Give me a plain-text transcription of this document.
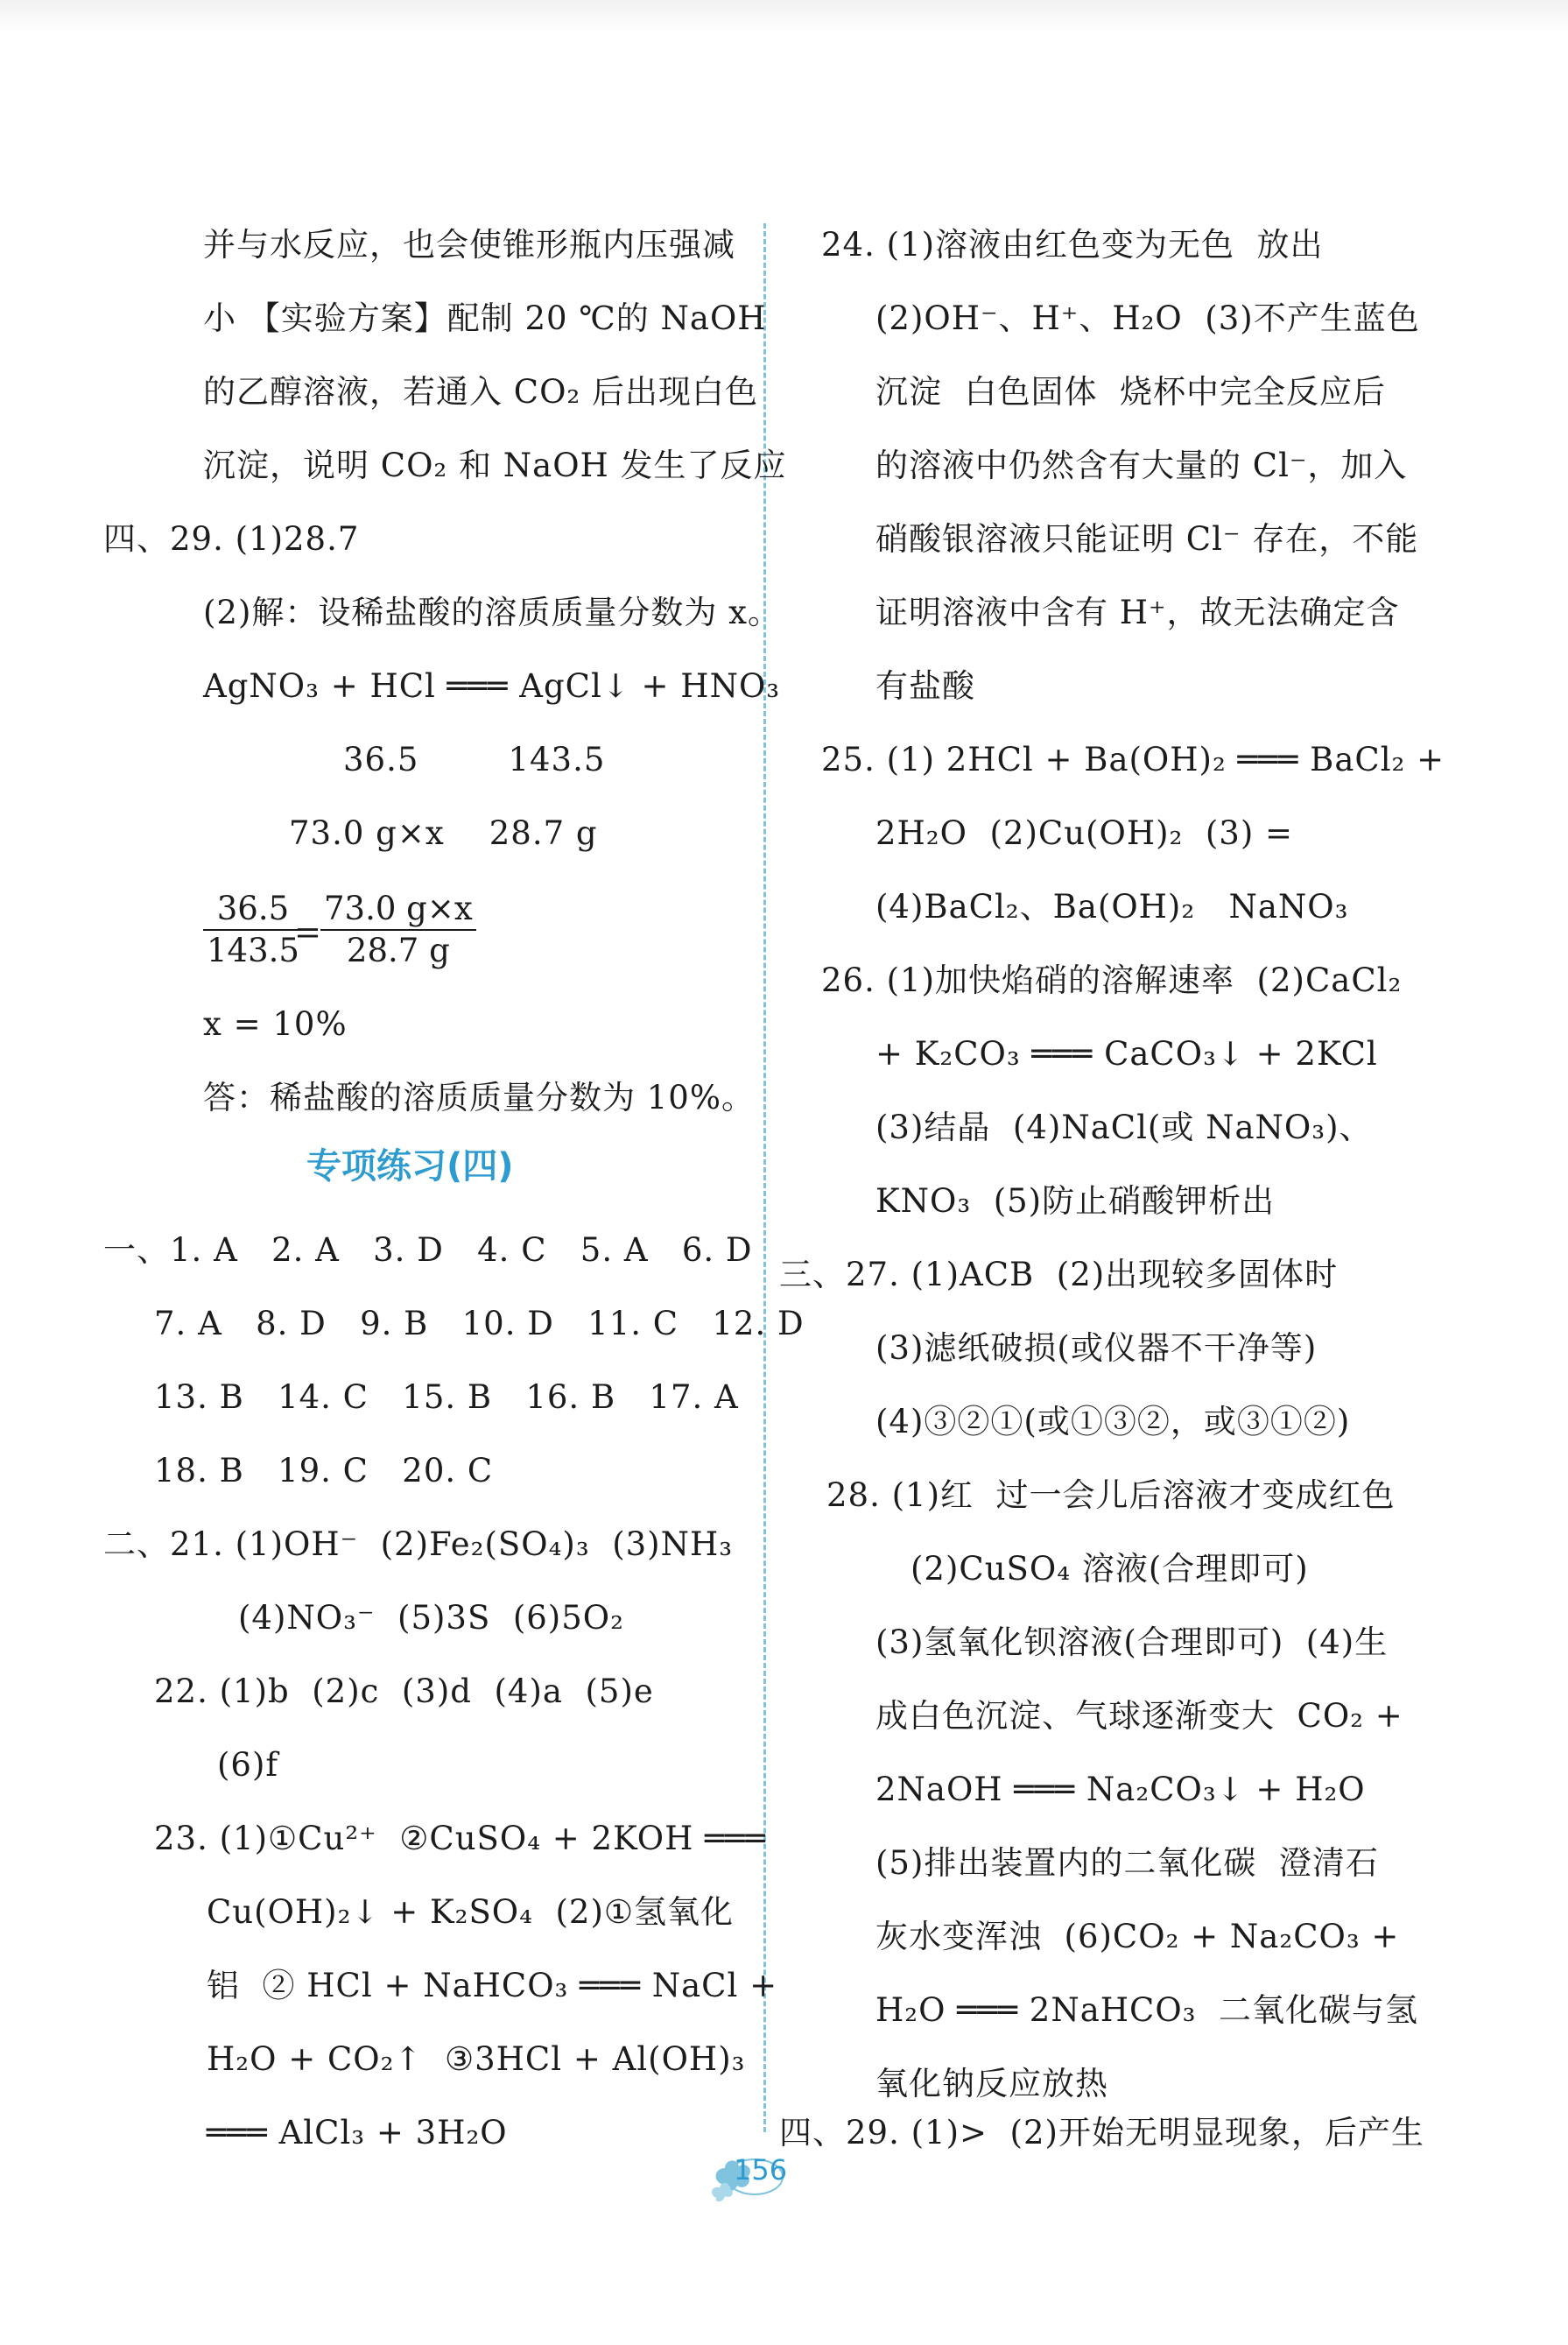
并与水反应，也会使锥形瓶内压强减
小 【实验方案】配制 20 ℃的 NaOH
的乙醇溶液，若通入 CO₂ 后出现白色
沉淀，说明 CO₂ 和 NaOH 发生了反应
四、29. (1)28.7
(2)解：设稀盐酸的溶质质量分数为 x。
AgNO₃ + HCl ═══ AgCl↓ + HNO₃
36.5        143.5
73.0 g×x    28.7 g
$\frac{36.5}{143.5}$
=
$\frac{73.0 g\times x}{28.7 g}$
x = 10%
答：稀盐酸的溶质质量分数为 10%。
专项练习(四)
一、1. A   2. A   3. D   4. C   5. A   6. D
7. A   8. D   9. B   10. D   11. C   12. D
13. B   14. C   15. B   16. B   17. A
18. B   19. C   20. C
二、21. (1)OH⁻  (2)Fe₂(SO₄)₃  (3)NH₃
(4)NO₃⁻  (5)3S  (6)5O₂
22. (1)b  (2)c  (3)d  (4)a  (5)e
(6)f
23. (1)①Cu²⁺  ②CuSO₄ + 2KOH ═══
Cu(OH)₂↓ + K₂SO₄  (2)①氢氧化
铝  ② HCl + NaHCO₃ ═══ NaCl +
H₂O + CO₂↑  ③3HCl + Al(OH)₃
═══ AlCl₃ + 3H₂O
24. (1)溶液由红色变为无色  放出
(2)OH⁻、H⁺、H₂O  (3)不产生蓝色
沉淀  白色固体  烧杯中完全反应后
的溶液中仍然含有大量的 Cl⁻，加入
硝酸银溶液只能证明 Cl⁻ 存在，不能
证明溶液中含有 H⁺，故无法确定含
有盐酸
25. (1) 2HCl + Ba(OH)₂ ═══ BaCl₂ +
2H₂O  (2)Cu(OH)₂  (3) =
(4)BaCl₂、Ba(OH)₂   NaNO₃
26. (1)加快焰硝的溶解速率  (2)CaCl₂
+ K₂CO₃ ═══ CaCO₃↓ + 2KCl
(3)结晶  (4)NaCl(或 NaNO₃)、
KNO₃  (5)防止硝酸钾析出
三、27. (1)ACB  (2)出现较多固体时
(3)滤纸破损(或仪器不干净等)
(4)③②①(或①③②，或③①②)
28. (1)红  过一会儿后溶液才变成红色
(2)CuSO₄ 溶液(合理即可)
(3)氢氧化钡溶液(合理即可)  (4)生
成白色沉淀、气球逐渐变大  CO₂ +
2NaOH ═══ Na₂CO₃↓ + H₂O
(5)排出装置内的二氧化碳  澄清石
灰水变浑浊  (6)CO₂ + Na₂CO₃ +
H₂O ═══ 2NaHCO₃  二氧化碳与氢
氧化钠反应放热
四、29. (1)>  (2)开始无明显现象，后产生
156
